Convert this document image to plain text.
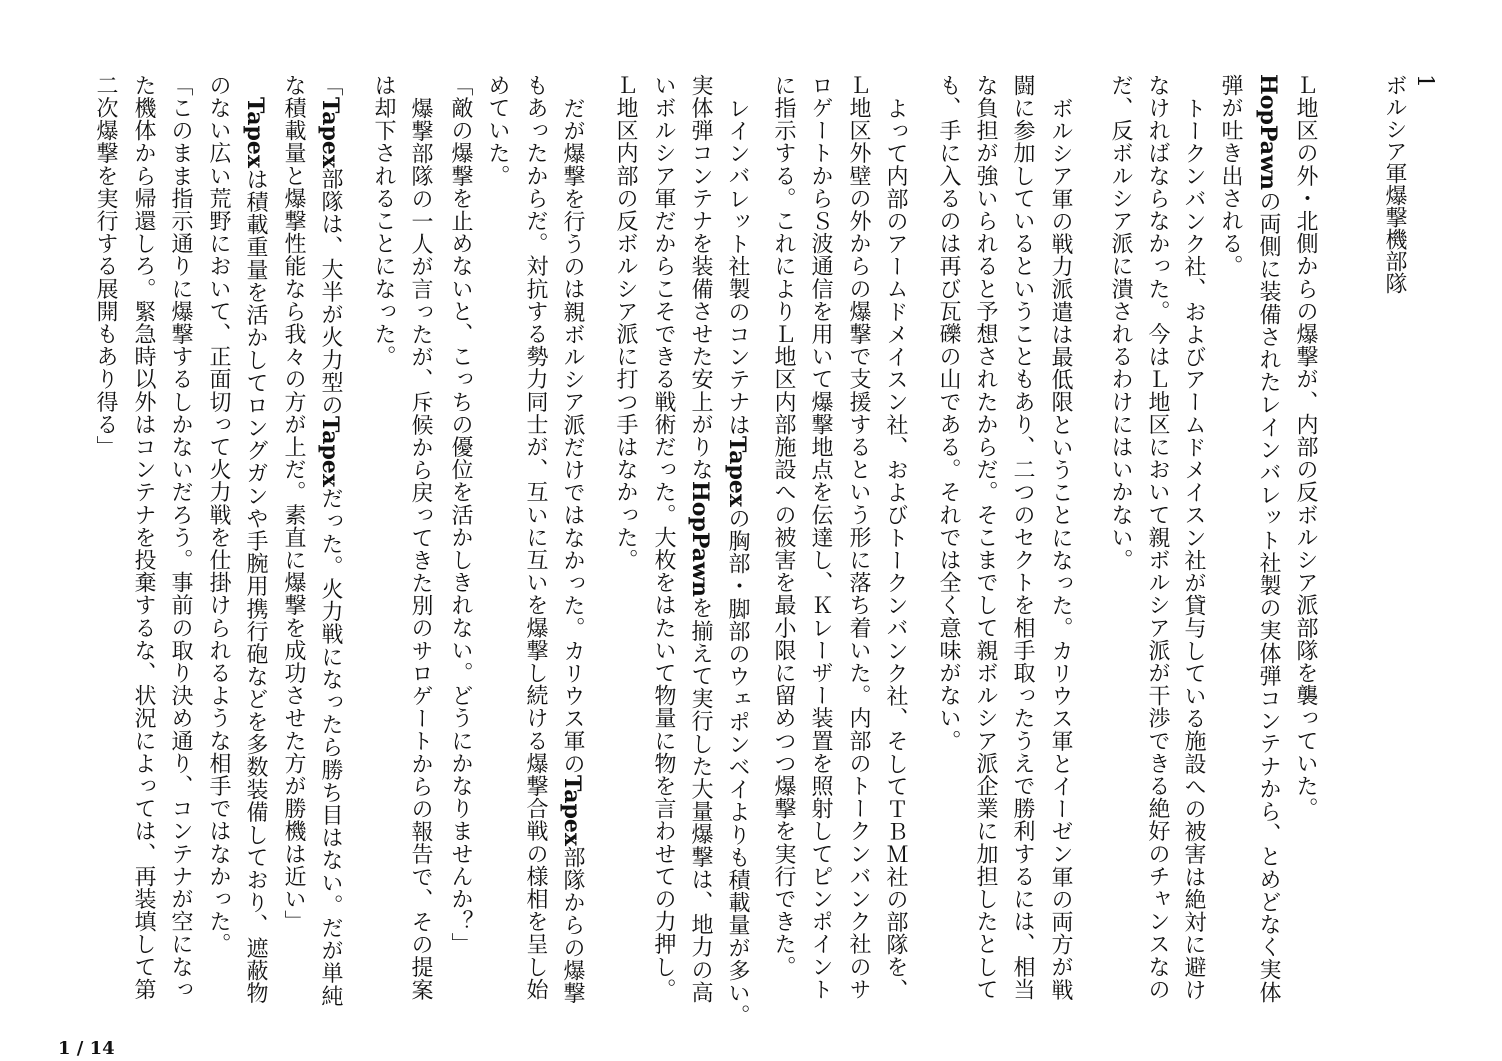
1
ボルシア軍爆撃機部隊
Ｌ地区の外・北側からの爆撃が、内部の反ボルシア派部隊を襲っていた。
HopPawnの両側に装備されたレインバレット社製の実体弾コンテナから、とめどなく実体
弾が吐き出される。
トークンバンク社、およびアームドメイスン社が貸与している施設への被害は絶対に避け
なければならなかった。今はＬ地区において親ボルシア派が干渉できる絶好のチャンスなの
だ、反ボルシア派に潰されるわけにはいかない。
ボルシア軍の戦力派遣は最低限ということになった。カリウス軍とイーゼン軍の両方が戦
闘に参加しているということもあり、二つのセクトを相手取ったうえで勝利するには、相当
な負担が強いられると予想されたからだ。そこまでして親ボルシア派企業に加担したとして
も、手に入るのは再び瓦礫の山である。それでは全く意味がない。
よって内部のアームドメイスン社、およびトークンバンク社、そしてＴＢＭ社の部隊を、
Ｌ地区外壁の外からの爆撃で支援するという形に落ち着いた。内部のトークンバンク社のサ
ロゲートからＳ波通信を用いて爆撃地点を伝達し、Ｋレーザー装置を照射してピンポイント
に指示する。これによりＬ地区内部施設への被害を最小限に留めつつ爆撃を実行できた。
レインバレット社製のコンテナはTapexの胸部・脚部のウェポンベイよりも積載量が多い。
実体弾コンテナを装備させた安上がりなHopPawnを揃えて実行した大量爆撃は、地力の高
いボルシア軍だからこそできる戦術だった。大枚をはたいて物量に物を言わせての力押し。
Ｌ地区内部の反ボルシア派に打つ手はなかった。
だが爆撃を行うのは親ボルシア派だけではなかった。カリウス軍のTapex部隊からの爆撃
もあったからだ。対抗する勢力同士が、互いに互いを爆撃し続ける爆撃合戦の様相を呈し始
めていた。
「敵の爆撃を止めないと、こっちの優位を活かしきれない。どうにかなりませんか？」
爆撃部隊の一人が言ったが、斥候から戻ってきた別のサロゲートからの報告で、その提案
は却下されることになった。
「Tapex部隊は、大半が火力型のTapexだった。火力戦になったら勝ち目はない。だが単純
な積載量と爆撃性能なら我々の方が上だ。素直に爆撃を成功させた方が勝機は近い」
Tapexは積載重量を活かしてロングガンや手腕用携行砲などを多数装備しており、遮蔽物
のない広い荒野において、正面切って火力戦を仕掛けられるような相手ではなかった。
「このまま指示通りに爆撃するしかないだろう。事前の取り決め通り、コンテナが空になっ
た機体から帰還しろ。緊急時以外はコンテナを投棄するな、状況によっては、再装填して第
二次爆撃を実行する展開もあり得る」
1 / 14
